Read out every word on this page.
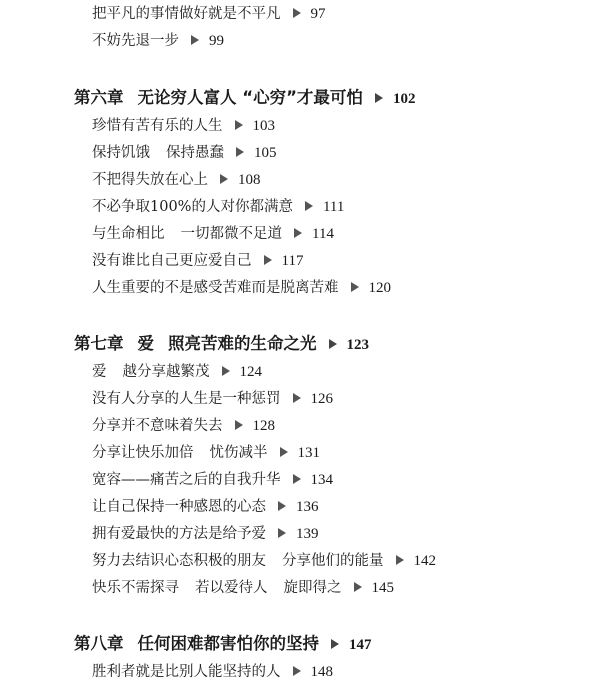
把平凡的事情做好就是不平凡 97
不妨先退一步 99
第六章 无论穷人富人 “心穷”才最可怕 102
珍惜有苦有乐的人生 103
保持饥饿 保持愚蠢 105
不把得失放在心上 108
不必争取100%的人对你都满意 111
与生命相比 一切都微不足道 114
没有谁比自己更应爱自己 117
人生重要的不是感受苦难而是脱离苦难 120
第七章 爱 照亮苦难的生命之光 123
爱 越分享越繁茂 124
没有人分享的人生是一种惩罚 126
分享并不意味着失去 128
分享让快乐加倍 忧伤减半 131
宽容——痛苦之后的自我升华 134
让自己保持一种感恩的心态 136
拥有爱最快的方法是给予爱 139
努力去结识心态积极的朋友 分享他们的能量 142
快乐不需探寻 若以爱待人 旋即得之 145
第八章 任何困难都害怕你的坚持 147
胜利者就是比别人能坚持的人 148
